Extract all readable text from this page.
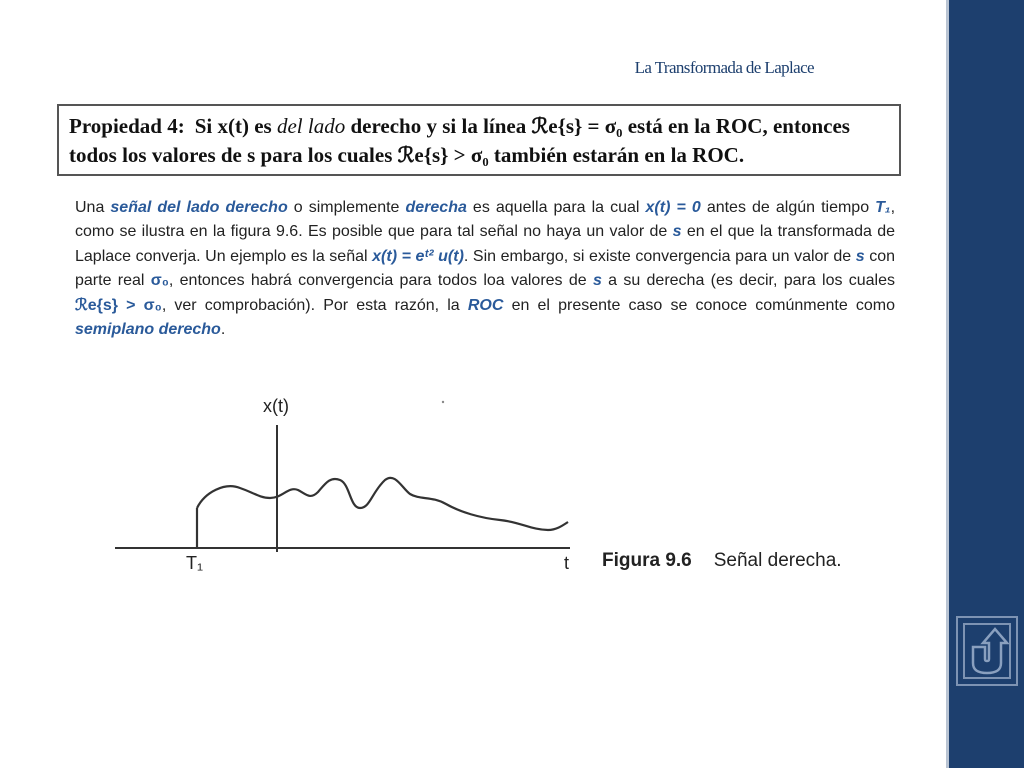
La Transformada de Laplace
Propiedad 4: Si x(t) es del lado derecho y si la línea ℛe{s} = σ₀ está en la ROC, entonces
todos los valores de s para los cuales ℛe{s} > σ₀ también estarán en la ROC.
Una señal del lado derecho o simplemente derecha es aquella para la cual x(t) = 0 antes de algún tiempo T₁, como se ilustra en la figura 9.6. Es posible que para tal señal no haya un valor de s en el que la transformada de Laplace converja. Un ejemplo es la señal x(t) = eᵗ² u(t). Sin embargo, si existe convergencia para un valor de s con parte real σ₀, entonces habrá convergencia para todos loa valores de s a su derecha (es decir, para los cuales ℛe{s} > σ₀, ver comprobación). Por esta razón, la ROC en el presente caso se conoce comúnmente como semiplano derecho.
x(t)
T₁	t Figura 9.6 Señal derecha.
